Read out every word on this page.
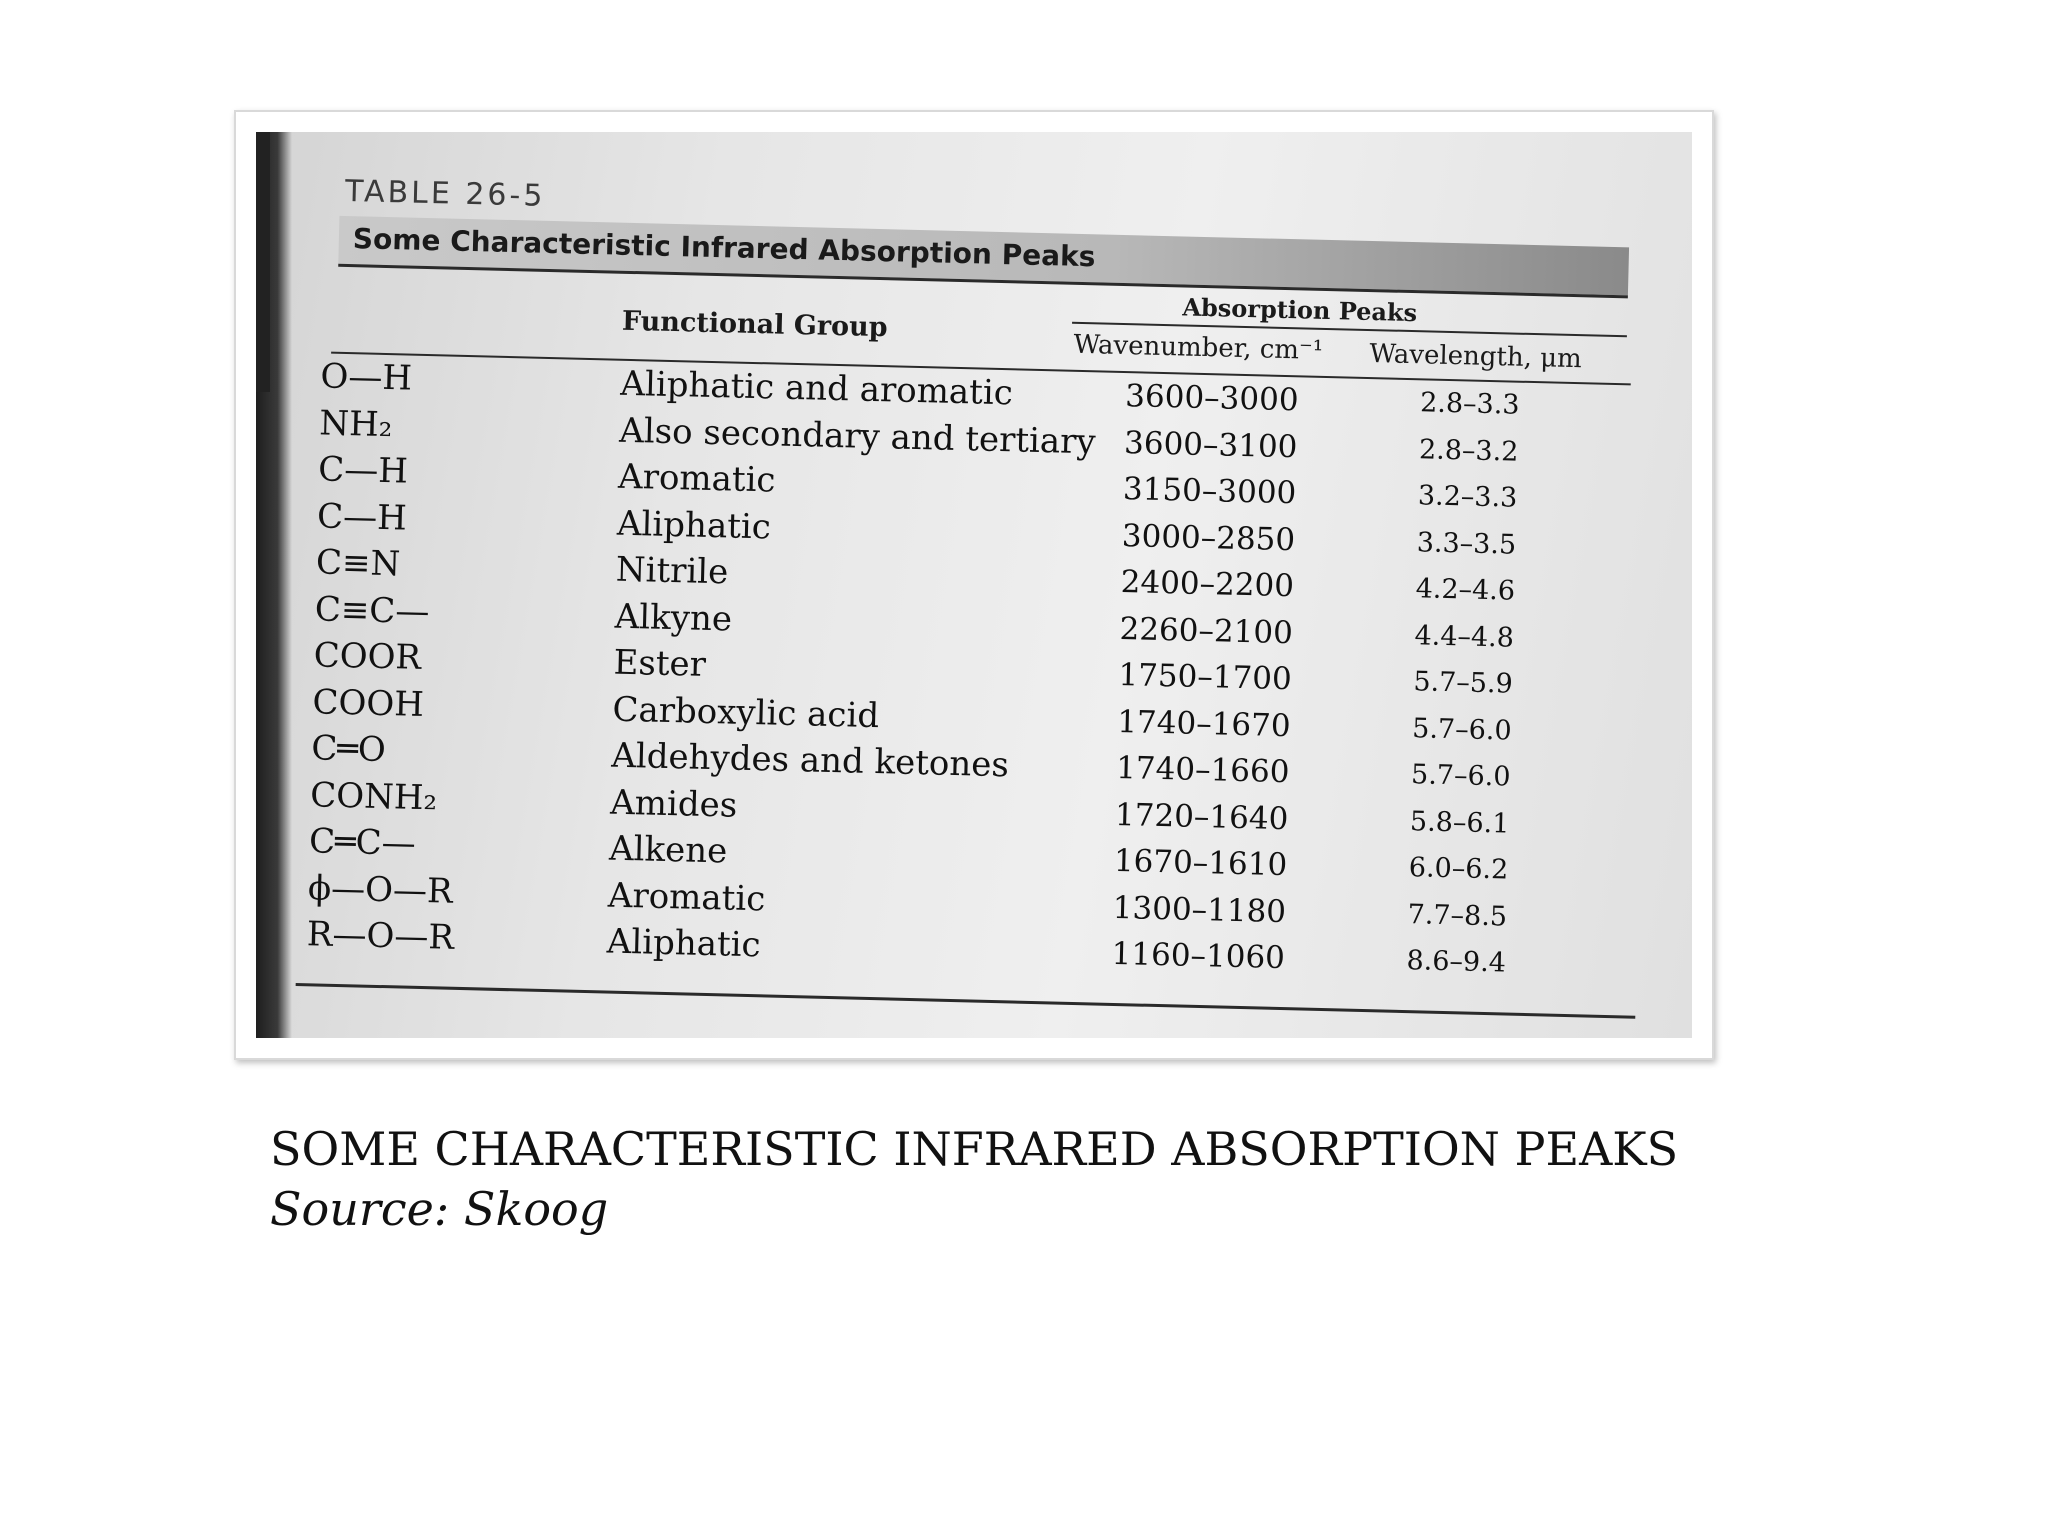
TABLE 26-5
Some Characteristic Infrared Absorption Peaks
Absorption Peaks
Functional Group
Wavenumber, cm⁻¹ Wavelength, μm
O—H	Aliphatic and aromatic	3600–3000	2.8–3.3
NH₂	Also secondary and tertiary 3600–3100	2.8–3.2
C—H	Aromatic	3150–3000	3.2–3.3
C—H	Aliphatic	3000–2850	3.3–3.5
C≡N	Nitrile	2400–2200	4.2–4.6
C≡C—	Alkyne	2260–2100	4.4–4.8
COOR	Ester	1750–1700	5.7–5.9
COOH	Carboxylic acid	1740–1670	5.7–6.0
C═O	Aldehydes and ketones	1740–1660	5.7–6.0
CONH₂	Amides	1720–1640	5.8–6.1
C═C—	Alkene	1670–1610	6.0–6.2
ϕ—O—R	Aromatic	1300–1180	7.7–8.5
R—O—R	Aliphatic	1160–1060	8.6–9.4
SOME CHARACTERISTIC INFRARED ABSORPTION PEAKS
Source: Skoog
